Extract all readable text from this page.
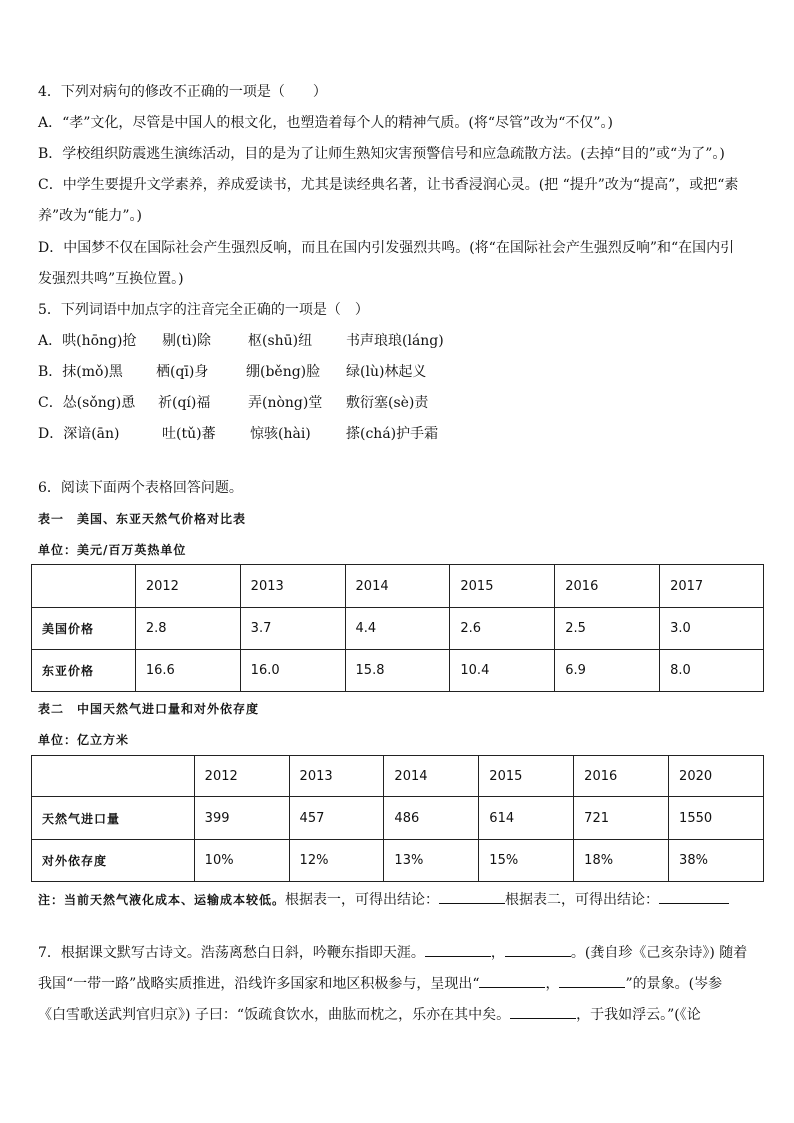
4．下列对病句的修改不正确的一项是（　　）
A．“孝”文化，尽管是中国人的根文化，也塑造着每个人的精神气质。(将“尽管”改为“不仅”。)
B．学校组织防震逃生演练活动，目的是为了让师生熟知灾害预警信号和应急疏散方法。(去掉“目的”或“为了”。)
C．中学生要提升文学素养，养成爱读书，尤其是读经典名著，让书香浸润心灵。(把 “提升”改为“提高”，或把“素
养”改为“能力”。)
D．中国梦不仅在国际社会产生强烈反响，而且在国内引发强烈共鸣。(将“在国际社会产生强烈反响”和“在国内引
发强烈共鸣”互换位置。)
5．下列词语中加点字的注音完全正确的一项是（　）
A．哄(hōng)抢 剔(tì)除	枢(shū)纽 书声琅琅(láng)
B．抹(mǒ)黑 栖(qī)身	绷(běng)脸 绿(lù)林起义
C．怂(sǒng)恿 祈(qí)福	弄(nòng)堂 敷衍塞(sè)责
D．深谙(ān)	吐(tǔ)蕃 惊骇(hài)	搽(chá)护手霜
6．阅读下面两个表格回答问题。
表一　美国、东亚天然气价格对比表
单位：美元/百万英热单位
	2012	2013	2014	2015	2016	2017
美国价格	2.8	3.7	4.4	2.6	2.5	3.0
东亚价格	16.6	16.0	15.8	10.4	6.9	8.0
表二　中国天然气进口量和对外依存度
单位：亿立方米
	2012	2013	2014	2015	2016	2020
天然气进口量	399	457	486	614	721	1550
对外依存度	10%	12%	13%	15%	18%	38%
注：当前天然气液化成本、运输成本较低。根据表一，可得出结论：	根据表二，可得出结论：
7．根据课文默写古诗文。浩荡离愁白日斜，吟鞭东指即天涯。	，	。(龚自珍《己亥杂诗》) 随着
我国“一带一路”战略实质推进，沿线许多国家和地区积极参与，呈现出“	，	”的景象。(岑参
《白雪歌送武判官归京》) 子曰：“饭疏食饮水，曲肱而枕之，乐亦在其中矣。	，于我如浮云。”(《论
